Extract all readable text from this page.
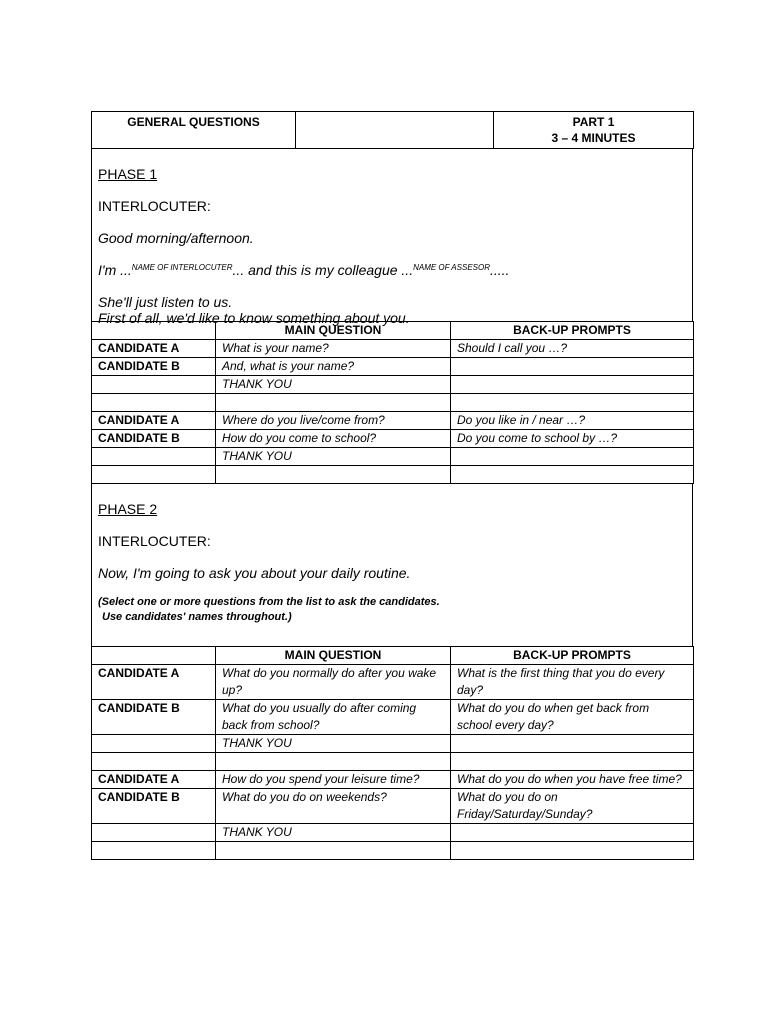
GENERAL QUESTIONS		PART 1
3 – 4 MINUTES

PHASE 1

INTERLOCUTER:

Good morning/afternoon.

I'm ...$^{NAME OF INTERLOCUTER}$... and this is my colleague ...$^{NAME OF ASSESOR}$.....

She'll just listen to us.

First of all, we'd like to know something about you.

	MAIN QUESTION	BACK-UP PROMPTS
CANDIDATE A	What is your name?	Should I call you …?
CANDIDATE B	And, what is your name?	
	THANK YOU	

CANDIDATE A	Where do you live/come from?	Do you like in / near …?
CANDIDATE B	How do you come to school?	Do you come to school by …?
	THANK YOU	

PHASE 2

INTERLOCUTER:

Now, I'm going to ask you about your daily routine.

(Select one or more questions from the list to ask the candidates.

Use candidates' names throughout.)

	MAIN QUESTION	BACK-UP PROMPTS
CANDIDATE A	What do you normally do after you wake up?	What is the first thing that you do every day?
CANDIDATE B	What do you usually do after coming back from school?	What do you do when get back from school every day?
	THANK YOU	

CANDIDATE A	How do you spend your leisure time?	What do you do when you have free time?
CANDIDATE B	What do you do on weekends?	What do you do on Friday/Saturday/Sunday?
	THANK YOU	
